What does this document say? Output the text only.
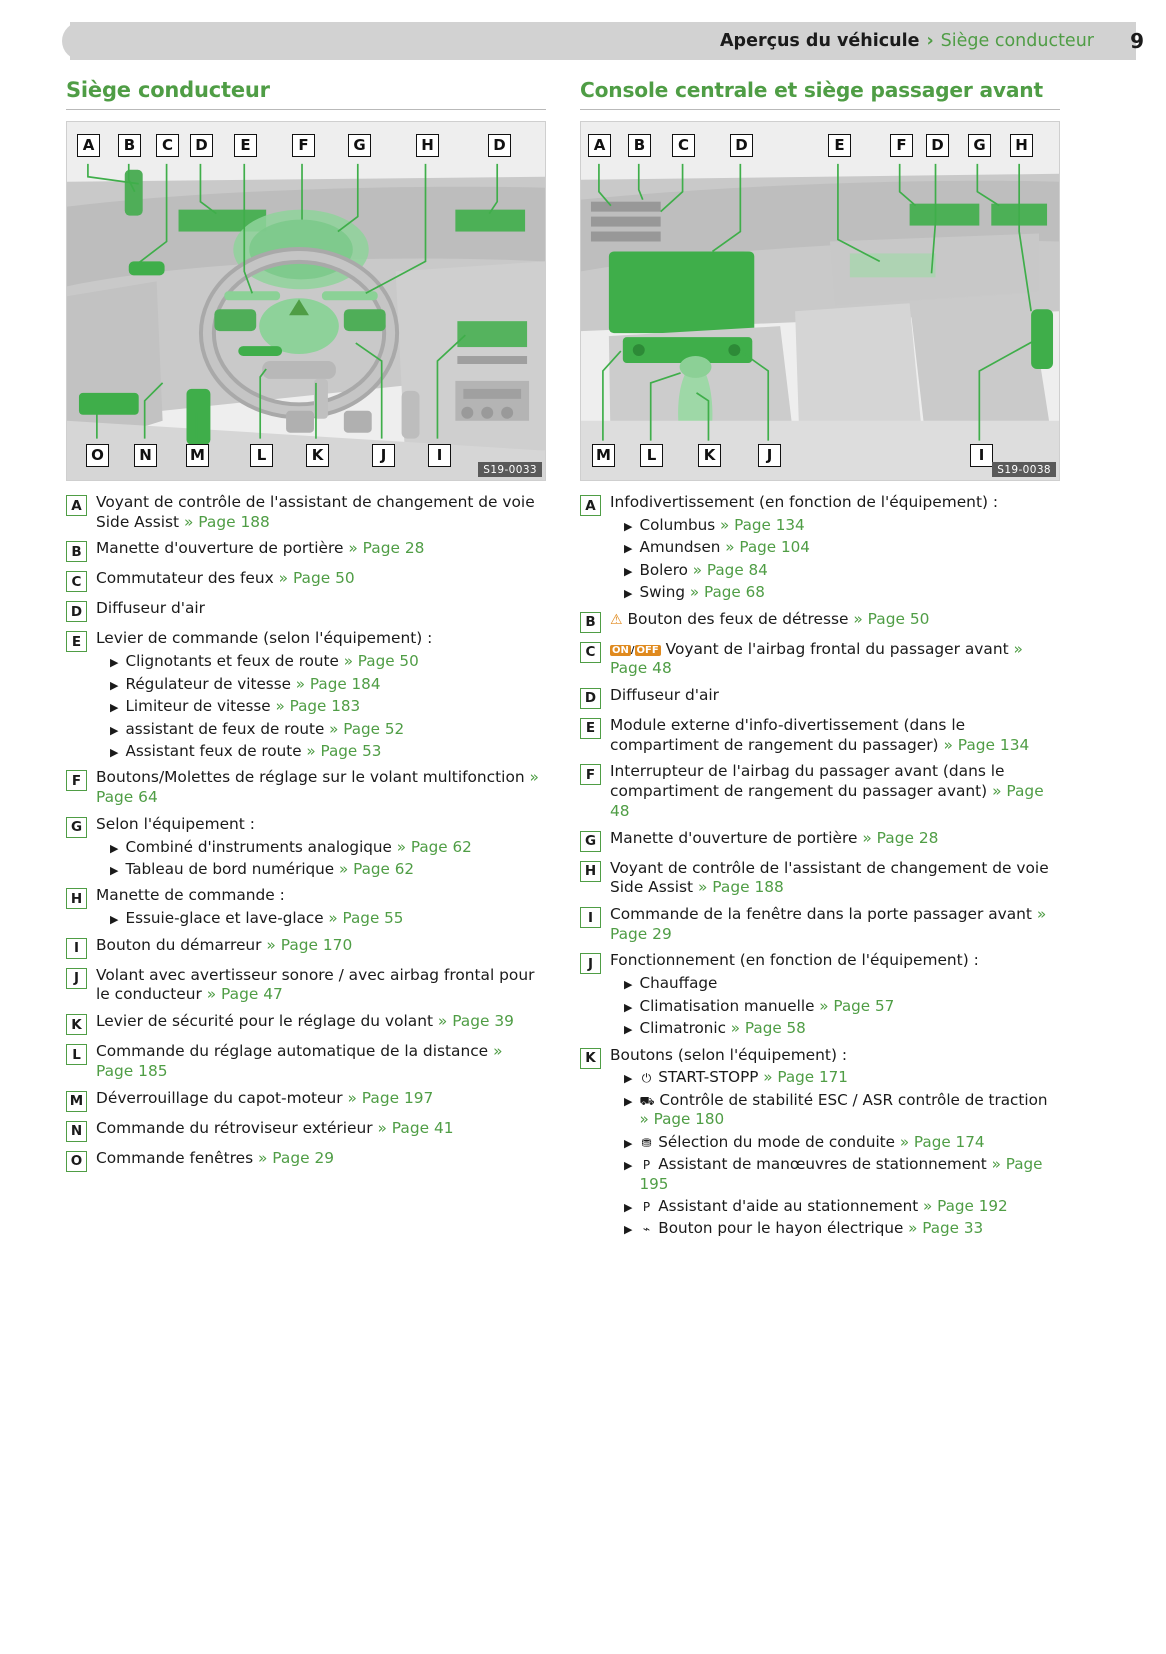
Aperçus du véhicule › Siège conducteur 9
Siège conducteur
A	B	C	D	E	F	G	H	D
O	N	M	L	K	J	I
S19-0033
A Voyant de contrôle de l'assistant de changement de voie Side Assist » Page 188
B Manette d'ouverture de portière » Page 28
C Commutateur des feux » Page 50
D Diffuseur d'air
E Levier de commande (selon l'équipement) :
▶ Clignotants et feux de route » Page 50
▶ Régulateur de vitesse » Page 184
▶ Limiteur de vitesse » Page 183
▶ assistant de feux de route » Page 52
▶ Assistant feux de route » Page 53
F Boutons/Molettes de réglage sur le volant multifonction » Page 64
G Selon l'équipement :
▶ Combiné d'instruments analogique » Page 62
▶ Tableau de bord numérique » Page 62
H Manette de commande :
▶ Essuie-glace et lave-glace » Page 55
I	Bouton du démarreur » Page 170
J	Volant avec avertisseur sonore / avec airbag frontal pour le conducteur » Page 47
K Levier de sécurité pour le réglage du volant » Page 39
L Commande du réglage automatique de la distance » Page 185
M Déverrouillage du capot-moteur » Page 197
N Commande du rétroviseur extérieur » Page 41
O Commande fenêtres » Page 29
Console centrale et siège passager avant
A	B	C	D	E	F	D	G	H
M	L	K	J	I
S19-0038
A Infodivertissement (en fonction de l'équipement) :
▶ Columbus » Page 134
▶ Amundsen » Page 104
▶ Bolero » Page 84
▶ Swing » Page 68
B	⚠ Bouton des feux de détresse » Page 50
C	ON / OFF Voyant de l'airbag frontal du passager avant » Page 48
D Diffuseur d'air
E Module externe d'info-divertissement (dans le compartiment de rangement du passager) » Page 134
F Interrupteur de l'airbag du passager avant (dans le compartiment de rangement du passager avant) » Page 48
G Manette d'ouverture de portière » Page 28
H Voyant de contrôle de l'assistant de changement de voie Side Assist » Page 188
I	Commande de la fenêtre dans la porte passager avant » Page 29
J	Fonctionnement (en fonction de l'équipement) :
▶ Chauffage
▶ Climatisation manuelle » Page 57
▶ Climatronic » Page 58
K Boutons (selon l'équipement) :
▶ ⏻ START-STOPP » Page 171
▶ ⛟ Contrôle de stabilité ESC / ASR contrôle de traction » Page 180
▶ ⛃ Sélection du mode de conduite » Page 174
▶ P Assistant de manœuvres de stationnement » Page 195
▶ P Assistant d'aide au stationnement » Page 192
▶ ⌁ Bouton pour le hayon électrique » Page 33
